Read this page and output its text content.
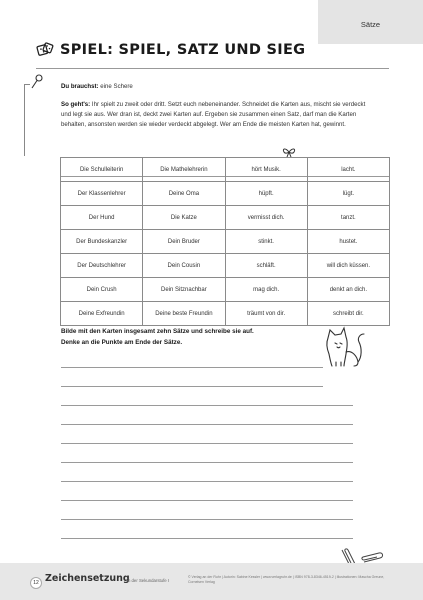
Sätze
SPIEL: SPIEL, SATZ UND SIEG

Du brauchst: eine Schere

So geht's: Ihr spielt zu zweit oder dritt. Setzt euch nebeneinander. Schneidet die Karten aus, mischt sie verdeckt und legt sie aus. Wer dran ist, deckt zwei Karten auf. Ergeben sie zusammen einen Satz, darf man die Karten behalten, ansonsten werden sie wieder verdeckt abgelegt. Wer am Ende die meisten Karten hat, gewinnt.

Die Schulleiterin	Die Mathelehrerin	hört Musik.	lacht.
Der Klassenlehrer	Deine Oma	hüpft.	lügt.
Der Hund	Die Katze	vermisst dich.	tanzt.
Der Bundeskanzler	Dein Bruder	stinkt.	hustet.
Der Deutschlehrer	Dein Cousin	schläft.	will dich küssen.
Dein Crush	Dein Sitznachbar	mag dich.	denkt an dich.
Deine Exfreundin	Deine beste Freundin	träumt von dir.	schreibt dir.
Bilde mit den Karten insgesamt zehn Sätze und schreibe sie auf.
Denke an die Punkte am Ende der Sätze.
12 Zeichensetzung
in der Sekundarstufe I
© Verlag an der Ruhr | Autorin: Sabine Kessler | www.verlagruhr.de | ISBN 978-3-8346-4519-2 | Illustrationen: Mascha Greune, Cornelsen Verlag
